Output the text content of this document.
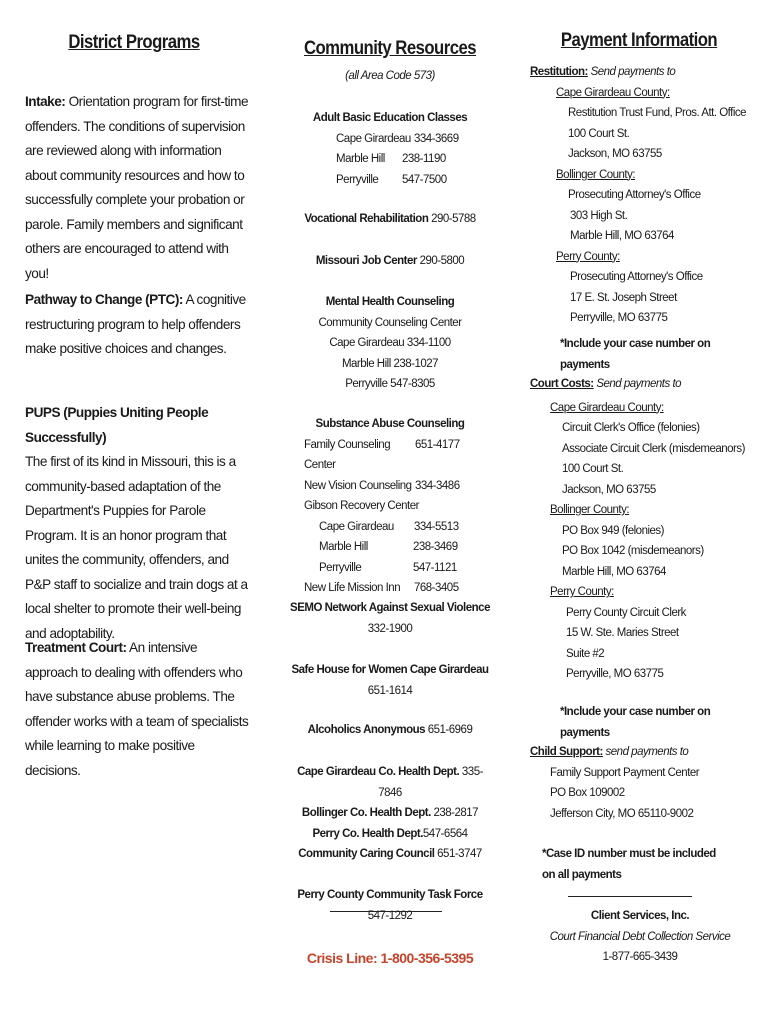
District Programs
Intake: Orientation program for first-time offenders. The conditions of supervision are reviewed along with information about community resources and how to successfully complete your probation or parole. Family members and significant others are encouraged to attend with you!
Pathway to Change (PTC): A cognitive restructuring program to help offenders make positive choices and changes.
PUPS (Puppies Uniting People Successfully)
The first of its kind in Missouri, this is a community-based adaptation of the Department's Puppies for Parole Program. It is an honor program that unites the community, offenders, and P&P staff to socialize and train dogs at a local shelter to promote their well-being and adoptability.
Treatment Court: An intensive approach to dealing with offenders who have substance abuse problems. The offender works with a team of specialists while learning to make positive decisions.
Community Resources
(all Area Code 573)
Adult Basic Education Classes
Cape Girardeau 334-3669
Marble Hill	238-1190
Perryville	547-7500
Vocational Rehabilitation 290-5788
Missouri Job Center 290-5800
Mental Health Counseling
Community Counseling Center
Cape Girardeau 334-1100
Marble Hill 238-1027
Perryville 547-8305
Substance Abuse Counseling
Family Counseling Center
651-4177
New Vision Counseling 334-3486
Gibson Recovery Center
Cape Girardeau	334-5513
Marble Hill	238-3469
Perryville	547-1121
New Life Mission Inn	768-3405
SEMO Network Against Sexual Violence
332-1900
Safe House for Women Cape Girardeau
651-1614
Alcoholics Anonymous 651-6969
Cape Girardeau Co. Health Dept. 335-7846
Bollinger Co. Health Dept. 238-2817
Perry Co. Health Dept.547-6564
Community Caring Council 651-3747
Perry County Community Task Force 547-1292
Crisis Line: 1-800-356-5395
Payment Information
Restitution: Send payments to
Cape Girardeau County:
Restitution Trust Fund, Pros. Att. Office
100 Court St.
Jackson, MO 63755
Bollinger County:
Prosecuting Attorney's Office
303 High St.
Marble Hill, MO 63764
Perry County:
Prosecuting Attorney's Office
17 E. St. Joseph Street
Perryville, MO 63775
*Include your case number on payments
Court Costs: Send payments to
Cape Girardeau County:
Circuit Clerk's Office (felonies)
Associate Circuit Clerk (misdemeanors)
100 Court St.
Jackson, MO 63755
Bollinger County:
PO Box 949 (felonies)
PO Box 1042 (misdemeanors)
Marble Hill, MO 63764
Perry County:
Perry County Circuit Clerk
15 W. Ste. Maries Street
Suite #2
Perryville, MO 63775
*Include your case number on payments
Child Support: send payments to
Family Support Payment Center
PO Box 109002
Jefferson City, MO 65110-9002
*Case ID number must be included on all payments
Client Services, Inc.
Court Financial Debt Collection Service
1-877-665-3439
